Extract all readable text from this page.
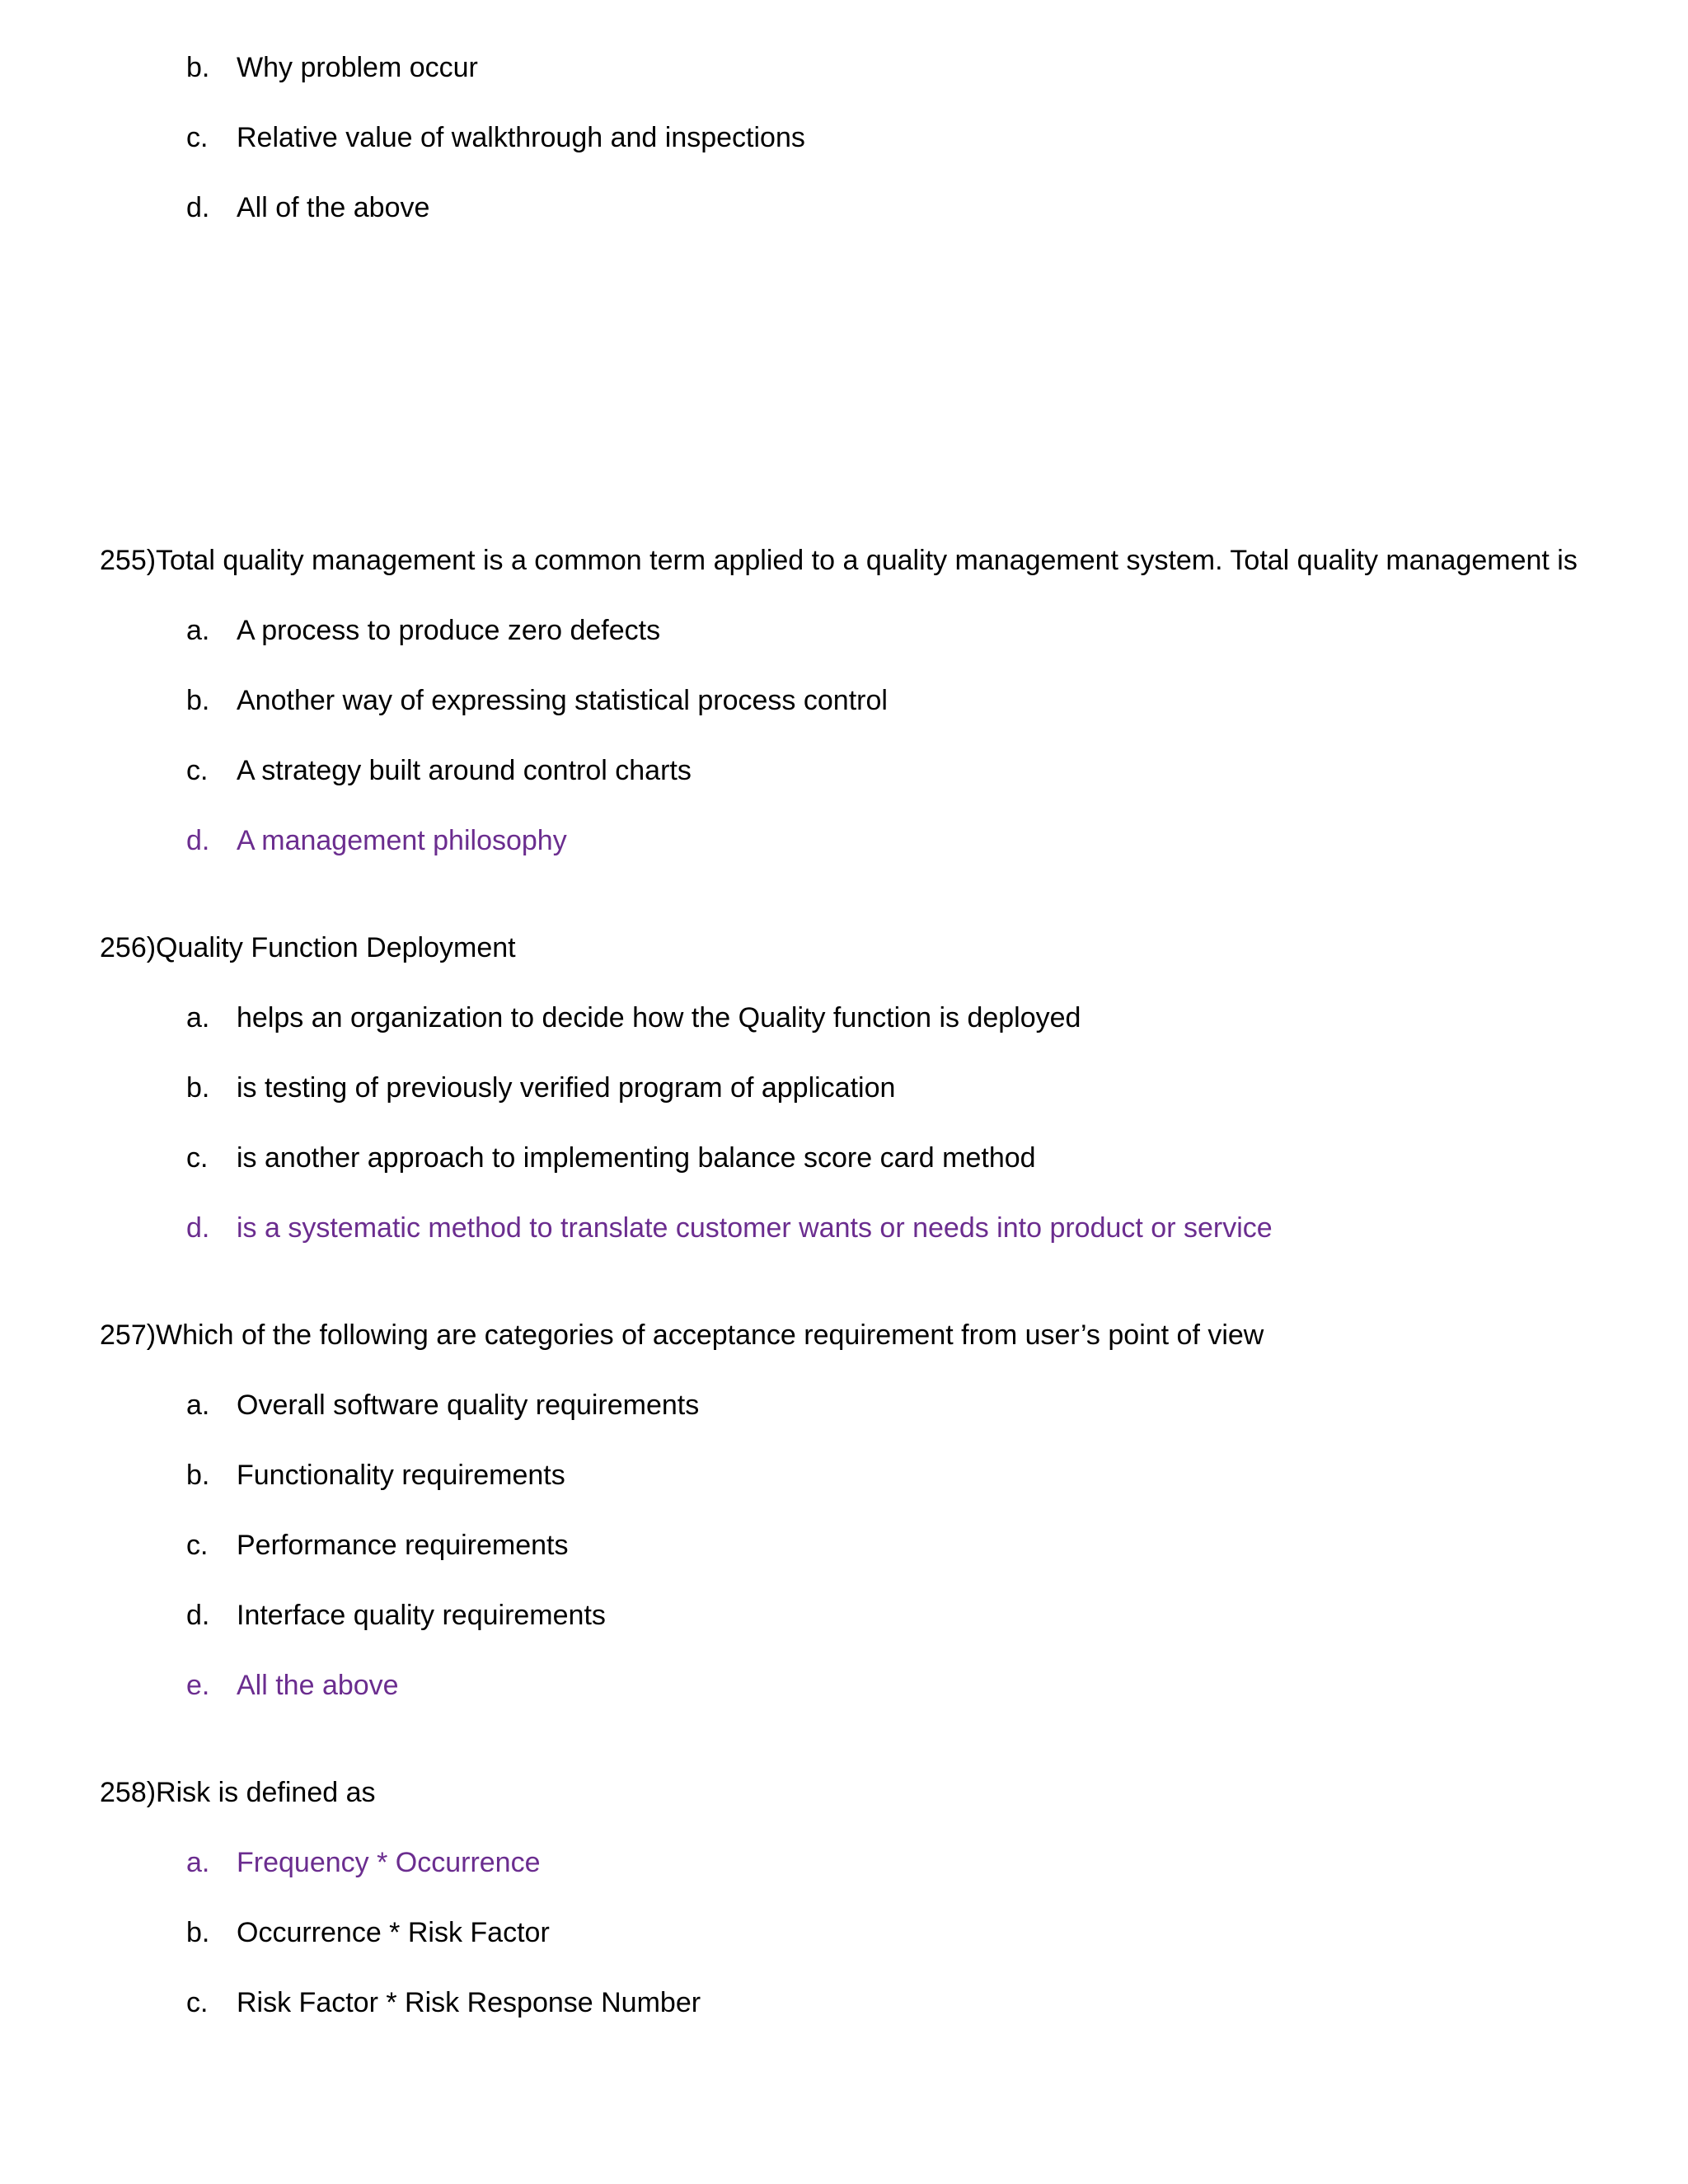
b. Why problem occur
c. Relative value of walkthrough and inspections
d. All of the above
255)Total quality management is a common term applied to a quality management system. Total quality management is
a. A process to produce zero defects
b. Another way of expressing statistical process control
c. A strategy built around control charts
d. A management philosophy
256)Quality Function Deployment
a. helps an organization to decide how the Quality function is deployed
b. is testing of previously verified program of application
c. is another approach to implementing balance score card method
d. is a systematic method to translate customer wants or needs into product or service
257)Which of the following are categories of acceptance requirement from user’s point of view
a. Overall software quality requirements
b. Functionality requirements
c. Performance requirements
d. Interface quality requirements
e. All the above
258)Risk is defined as
a. Frequency * Occurrence
b. Occurrence * Risk Factor
c. Risk Factor * Risk Response Number
